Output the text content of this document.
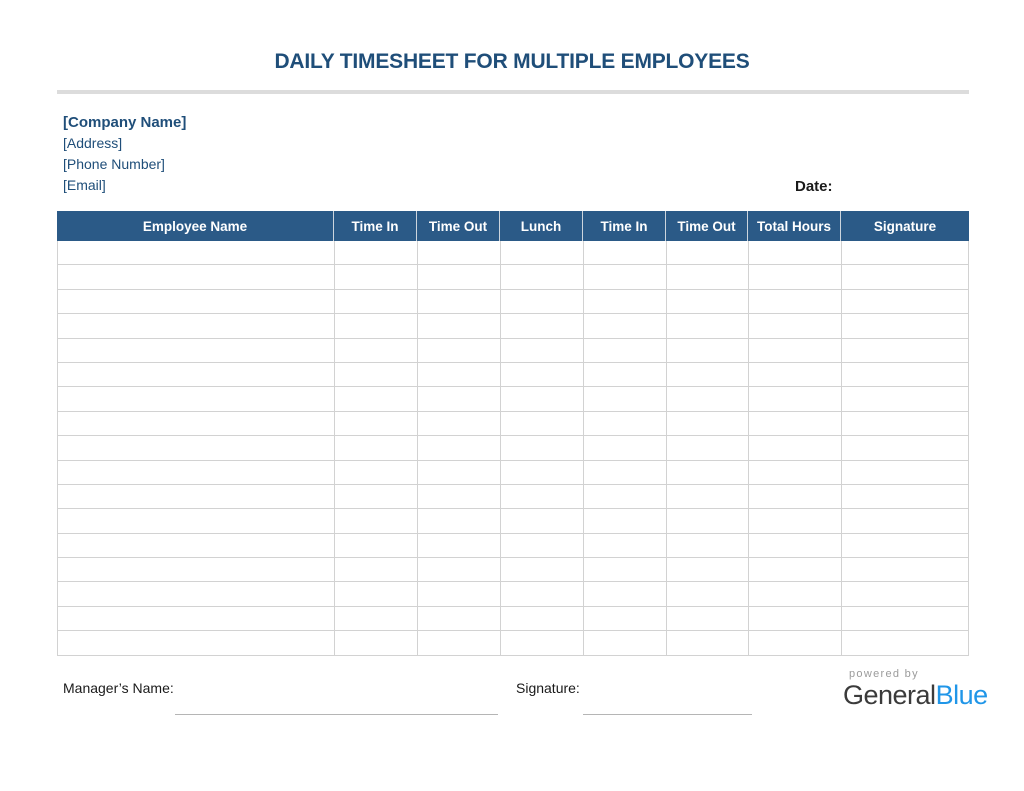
DAILY TIMESHEET FOR MULTIPLE EMPLOYEES
[Company Name]
[Address]
[Phone Number]
[Email]	Date:
Employee Name	Time In	Time Out	Lunch	Time In	Time Out	Total Hours	Signature
Manager’s Name:	Signature:
powered by
GeneralBlue
